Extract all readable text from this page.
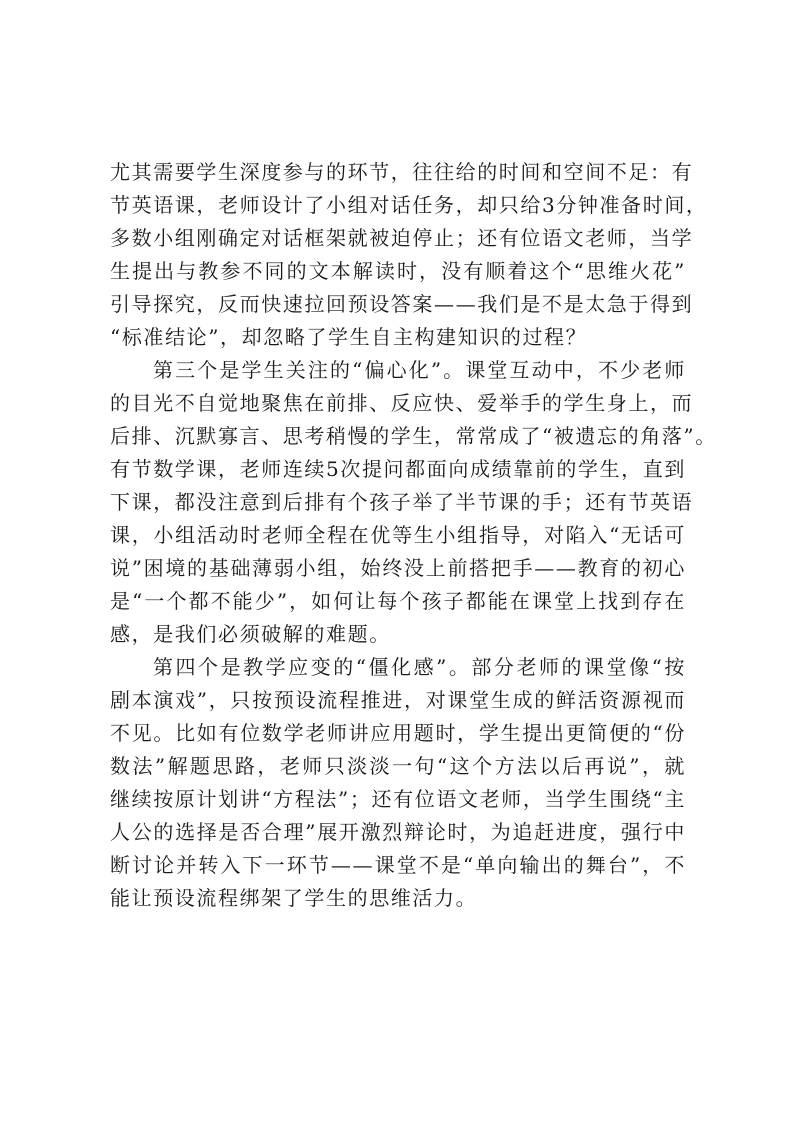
尤其需要学生深度参与的环节，往往给的时间和空间不足：有
节英语课，老师设计了小组对话任务，却只给3分钟准备时间，
多数小组刚确定对话框架就被迫停止；还有位语文老师，当学
生提出与教参不同的文本解读时，没有顺着这个“思维火花”
引导探究，反而快速拉回预设答案——我们是不是太急于得到
“标准结论”，却忽略了学生自主构建知识的过程？
第三个是学生关注的“偏心化”。课堂互动中，不少老师
的目光不自觉地聚焦在前排、反应快、爱举手的学生身上，而
后排、沉默寡言、思考稍慢的学生，常常成了“被遗忘的角落”。
有节数学课，老师连续5次提问都面向成绩靠前的学生，直到
下课，都没注意到后排有个孩子举了半节课的手；还有节英语
课，小组活动时老师全程在优等生小组指导，对陷入“无话可
说”困境的基础薄弱小组，始终没上前搭把手——教育的初心
是“一个都不能少”，如何让每个孩子都能在课堂上找到存在
感，是我们必须破解的难题。
第四个是教学应变的“僵化感”。部分老师的课堂像“按
剧本演戏”，只按预设流程推进，对课堂生成的鲜活资源视而
不见。比如有位数学老师讲应用题时，学生提出更简便的“份
数法”解题思路，老师只淡淡一句“这个方法以后再说”，就
继续按原计划讲“方程法”；还有位语文老师，当学生围绕“主
人公的选择是否合理”展开激烈辩论时，为追赶进度，强行中
断讨论并转入下一环节——课堂不是“单向输出的舞台”，不
能让预设流程绑架了学生的思维活力。
